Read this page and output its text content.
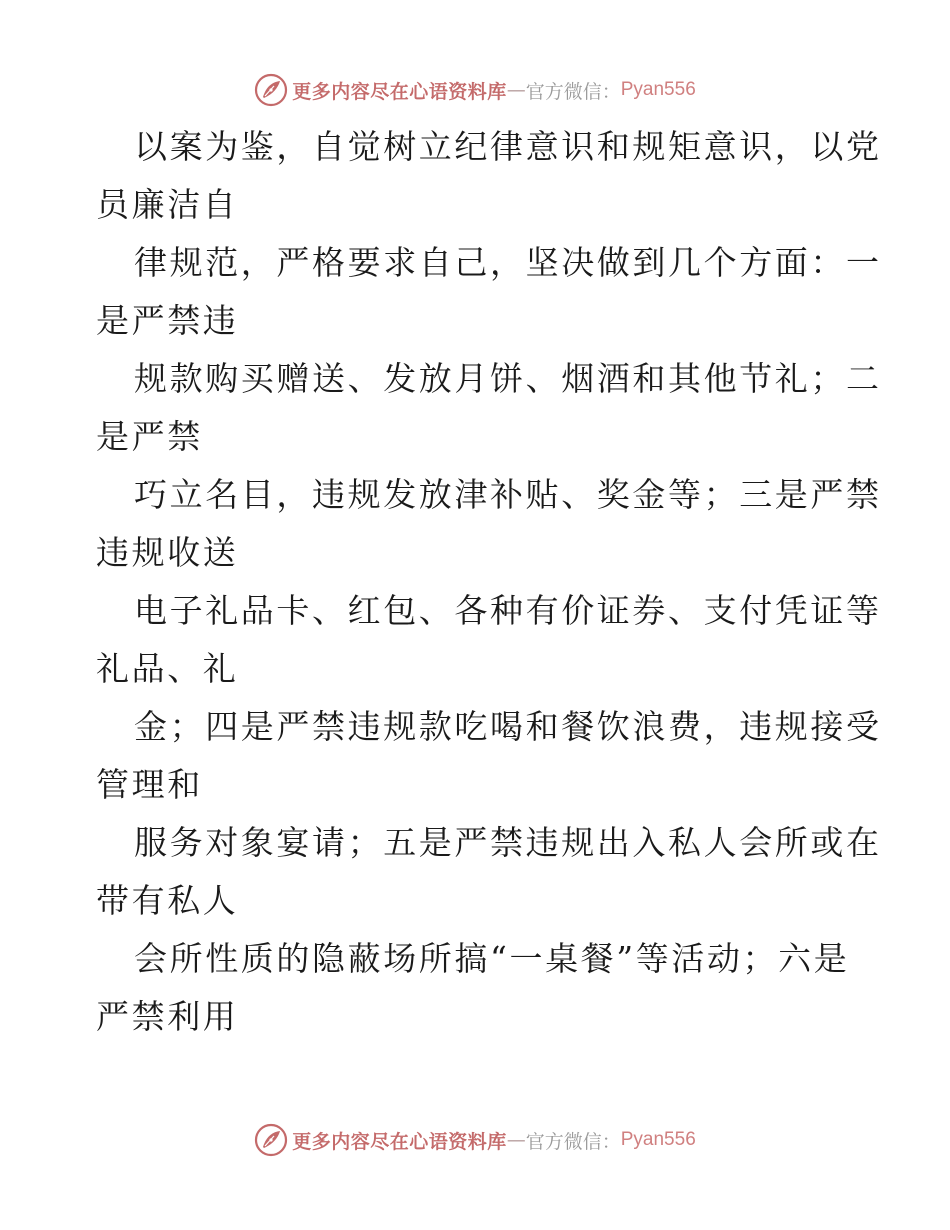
更多内容尽在心语资料库 — 官方微信： Pyan556

以案为鉴，自觉树立纪律意识和规矩意识，以党
员廉洁自

律规范，严格要求自己，坚决做到几个方面：一
是严禁违

规款购买赠送、发放月饼、烟酒和其他节礼；二
是严禁

巧立名目，违规发放津补贴、奖金等；三是严禁
违规收送

电子礼品卡、红包、各种有价证券、支付凭证等
礼品、礼

金；四是严禁违规款吃喝和餐饮浪费，违规接受
管理和

服务对象宴请；五是严禁违规出入私人会所或在
带有私人

会所性质的隐蔽场所搞“一桌餐”等活动；六是
严禁利用

更多内容尽在心语资料库 — 官方微信： Pyan556
